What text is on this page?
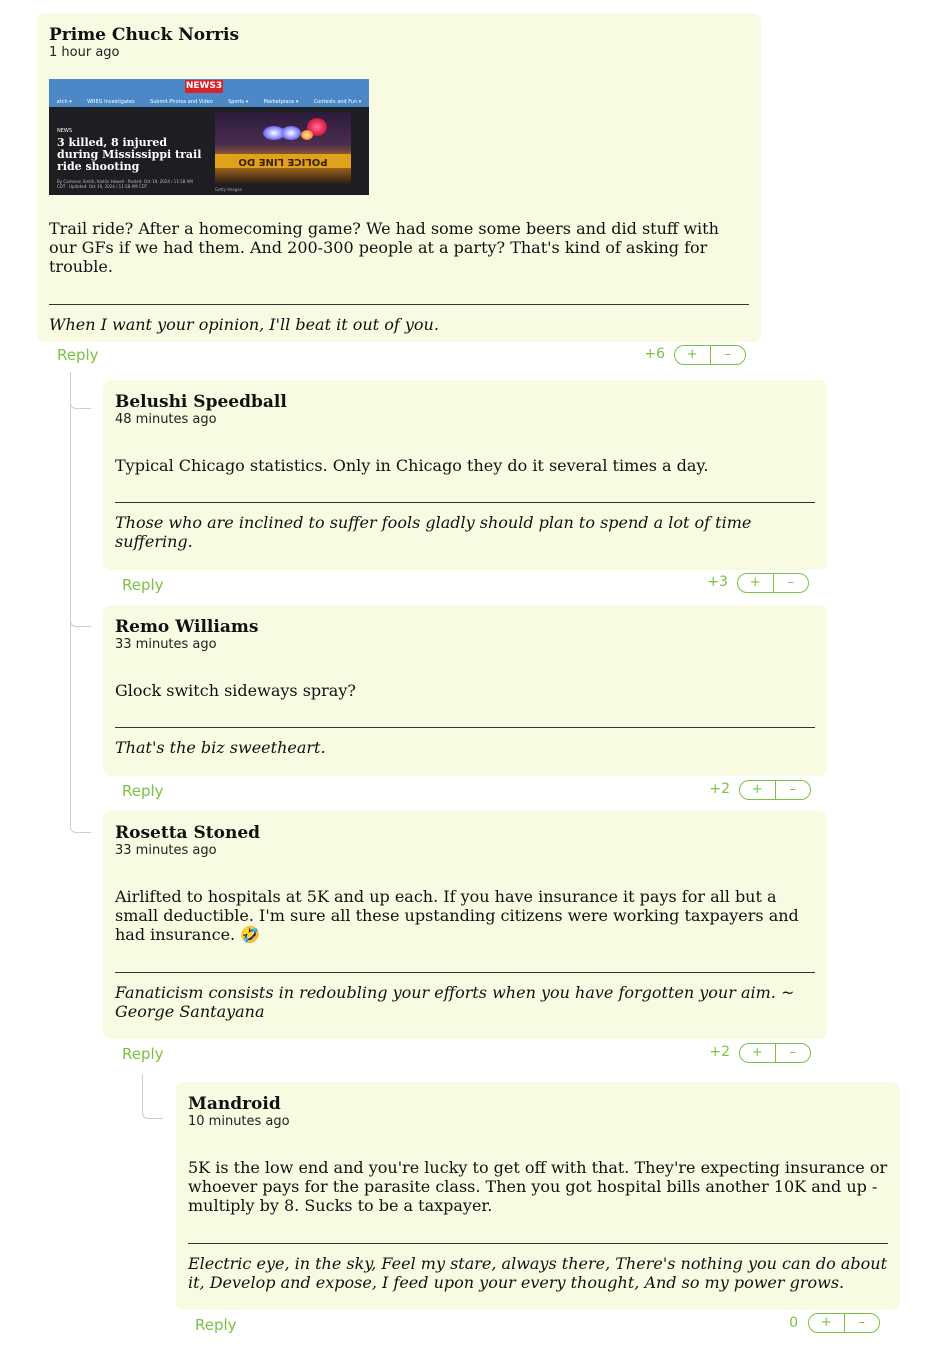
Prime Chuck Norris
1 hour ago
NEWS3
atch ▾	WREG Investigates	Submit Photos and Video	Sports ▾	Marketplace ▾	Contests and Fun ▾
NEWS
3 killed, 8 injured during Mississippi trail ride shooting
By Cameron Smith, Kaitlin Howell · Posted: Oct 19, 2024 / 11:58 AM CDT · Updated: Oct 19, 2024 / 11:58 AM CDT
POLICE LINE DO
Getty Images
Trail ride? After a homecoming game? We had some some beers and did stuff with our GFs if we had them. And 200-300 people at a party? That's kind of asking for trouble.
When I want your opinion, I'll beat it out of you.
Reply	+6	+	–
Belushi Speedball
48 minutes ago
Typical Chicago statistics. Only in Chicago they do it several times a day.
Those who are inclined to suffer fools gladly should plan to spend a lot of time suffering.
Reply	+3	+	–
Remo Williams
33 minutes ago
Glock switch sideways spray?
That's the biz sweetheart.
Reply	+2	+	–
Rosetta Stoned
33 minutes ago
Airlifted to hospitals at 5K and up each. If you have insurance it pays for all but a small deductible. I'm sure all these upstanding citizens were working taxpayers and had insurance. 🤣
Fanaticism consists in redoubling your efforts when you have forgotten your aim. ~ George Santayana
Reply	+2	+	–
Mandroid
10 minutes ago
5K is the low end and you're lucky to get off with that. They're expecting insurance or whoever pays for the parasite class. Then you got hospital bills another 10K and up - multiply by 8. Sucks to be a taxpayer.
Electric eye, in the sky, Feel my stare, always there, There's nothing you can do about it, Develop and expose, I feed upon your every thought, And so my power grows.
Reply	0	+	–
